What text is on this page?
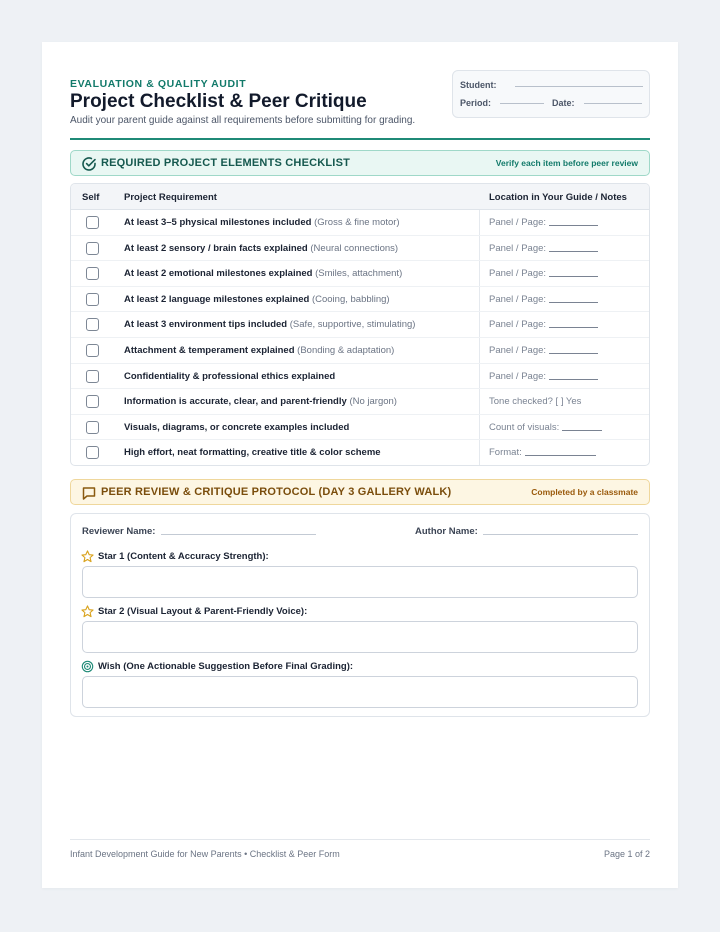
EVALUATION & QUALITY AUDIT
Project Checklist & Peer Critique
Audit your parent guide against all requirements before submitting for grading.
Student:
Period:	Date:
REQUIRED PROJECT ELEMENTS CHECKLIST	Verify each item before peer review
Self	Project Requirement	Location in Your Guide / Notes
At least 3–5 physical milestones included (Gross & fine motor)	Panel / Page:
At least 2 sensory / brain facts explained (Neural connections)	Panel / Page:
At least 2 emotional milestones explained (Smiles, attachment)	Panel / Page:
At least 2 language milestones explained (Cooing, babbling)	Panel / Page:
At least 3 environment tips included (Safe, supportive, stimulating)	Panel / Page:
Attachment & temperament explained (Bonding & adaptation)	Panel / Page:
Confidentiality & professional ethics explained	Panel / Page:
Information is accurate, clear, and parent-friendly (No jargon)	Tone checked? [ ] Yes
Visuals, diagrams, or concrete examples included	Count of visuals:
High effort, neat formatting, creative title & color scheme	Format:
PEER REVIEW & CRITIQUE PROTOCOL (DAY 3 GALLERY WALK)	Completed by a classmate
Reviewer Name:	Author Name:
Star 1 (Content & Accuracy Strength):
Star 2 (Visual Layout & Parent-Friendly Voice):
Wish (One Actionable Suggestion Before Final Grading):
Infant Development Guide for New Parents • Checklist & Peer Form	Page 1 of 2
